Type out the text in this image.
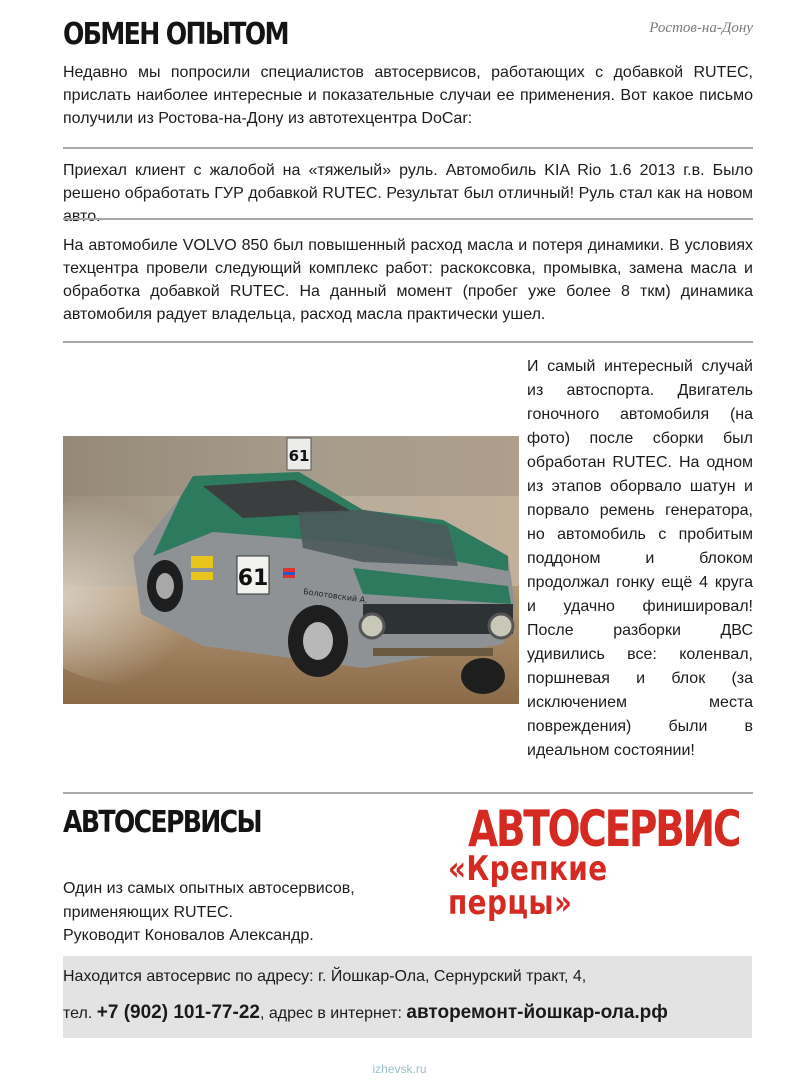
ОБМЕН ОПЫТОМ	Ростов-на-Дону

Недавно мы попросили специалистов автосервисов, работающих с добавкой RUTEC, прислать наиболее интересные и показательные случаи ее применения. Вот какое письмо получили из Ростова-на-Дону из автотехцентра DoCar:

Приехал клиент с жалобой на «тяжелый» руль. Автомобиль KIA Rio 1.6 2013 г.в. Было решено обработать ГУР добавкой RUTEC. Результат был отличный! Руль стал как на новом авто.

На автомобиле VOLVO 850 был повышенный расход масла и потеря динамики. В условиях техцентра провели следующий комплекс работ: раскоксовка, промывка, замена масла и обработка добавкой RUTEC. На данный момент (пробег уже более 8 ткм) динамика автомобиля радует владельца, расход масла практически ушел.

61
Болотовский А.
61

И самый интересный случай из автоспорта. Двигатель гоночного автомобиля (на фото) после сборки был обработан RUTEC. На одном из этапов оборвало шатун и порвало ремень генератора, но автомобиль с пробитым поддоном и блоком продолжал гонку ещё 4 круга и удачно финишировал! После разборки ДВС удивились все: коленвал, поршневая и блок (за исключением места повреждения) были в идеальном состоянии!

АВТОСЕРВИСЫ	АВТОСЕРВИС
«Крепкие перцы»

Один из самых опытных автосервисов,
применяющих RUTEC.
Руководит Коновалов Александр.

Находится автосервис по адресу: г. Йошкар-Ола, Сернурский тракт, 4,
тел. +7 (902) 101-77-22, адрес в интернет: авторемонт-йошкар-ола.рф
izhevsk.ru
